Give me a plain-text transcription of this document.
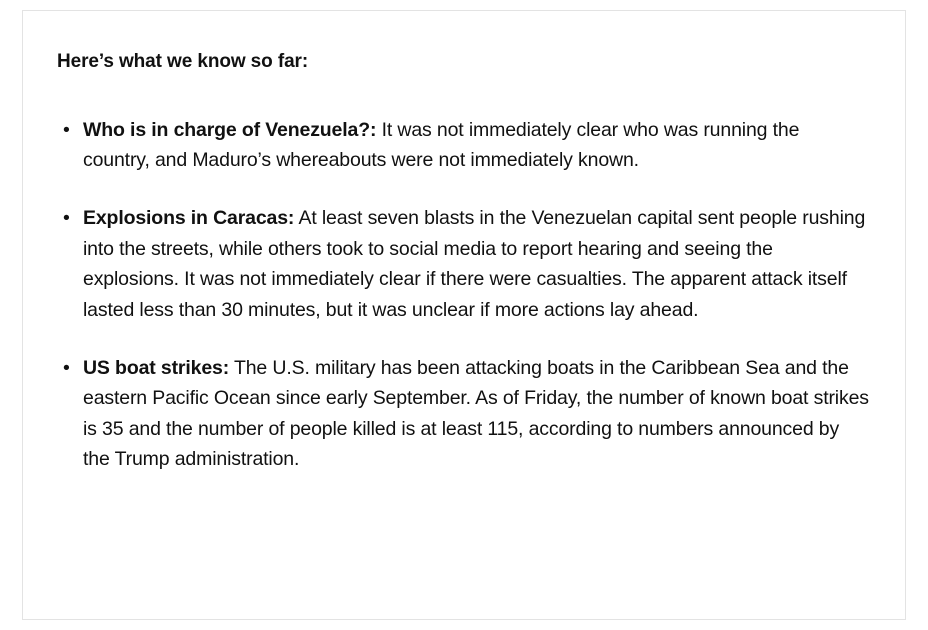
Here’s what we know so far:

• Who is in charge of Venezuela?: It was not immediately clear who was running the country, and Maduro’s whereabouts were not immediately known.
• Explosions in Caracas: At least seven blasts in the Venezuelan capital sent people rushing into the streets, while others took to social media to report hearing and seeing the explosions. It was not immediately clear if there were casualties. The apparent attack itself lasted less than 30 minutes, but it was unclear if more actions lay ahead.
• US boat strikes: The U.S. military has been attacking boats in the Caribbean Sea and the eastern Pacific Ocean since early September. As of Friday, the number of known boat strikes is 35 and the number of people killed is at least 115, according to numbers announced by the Trump administration.
